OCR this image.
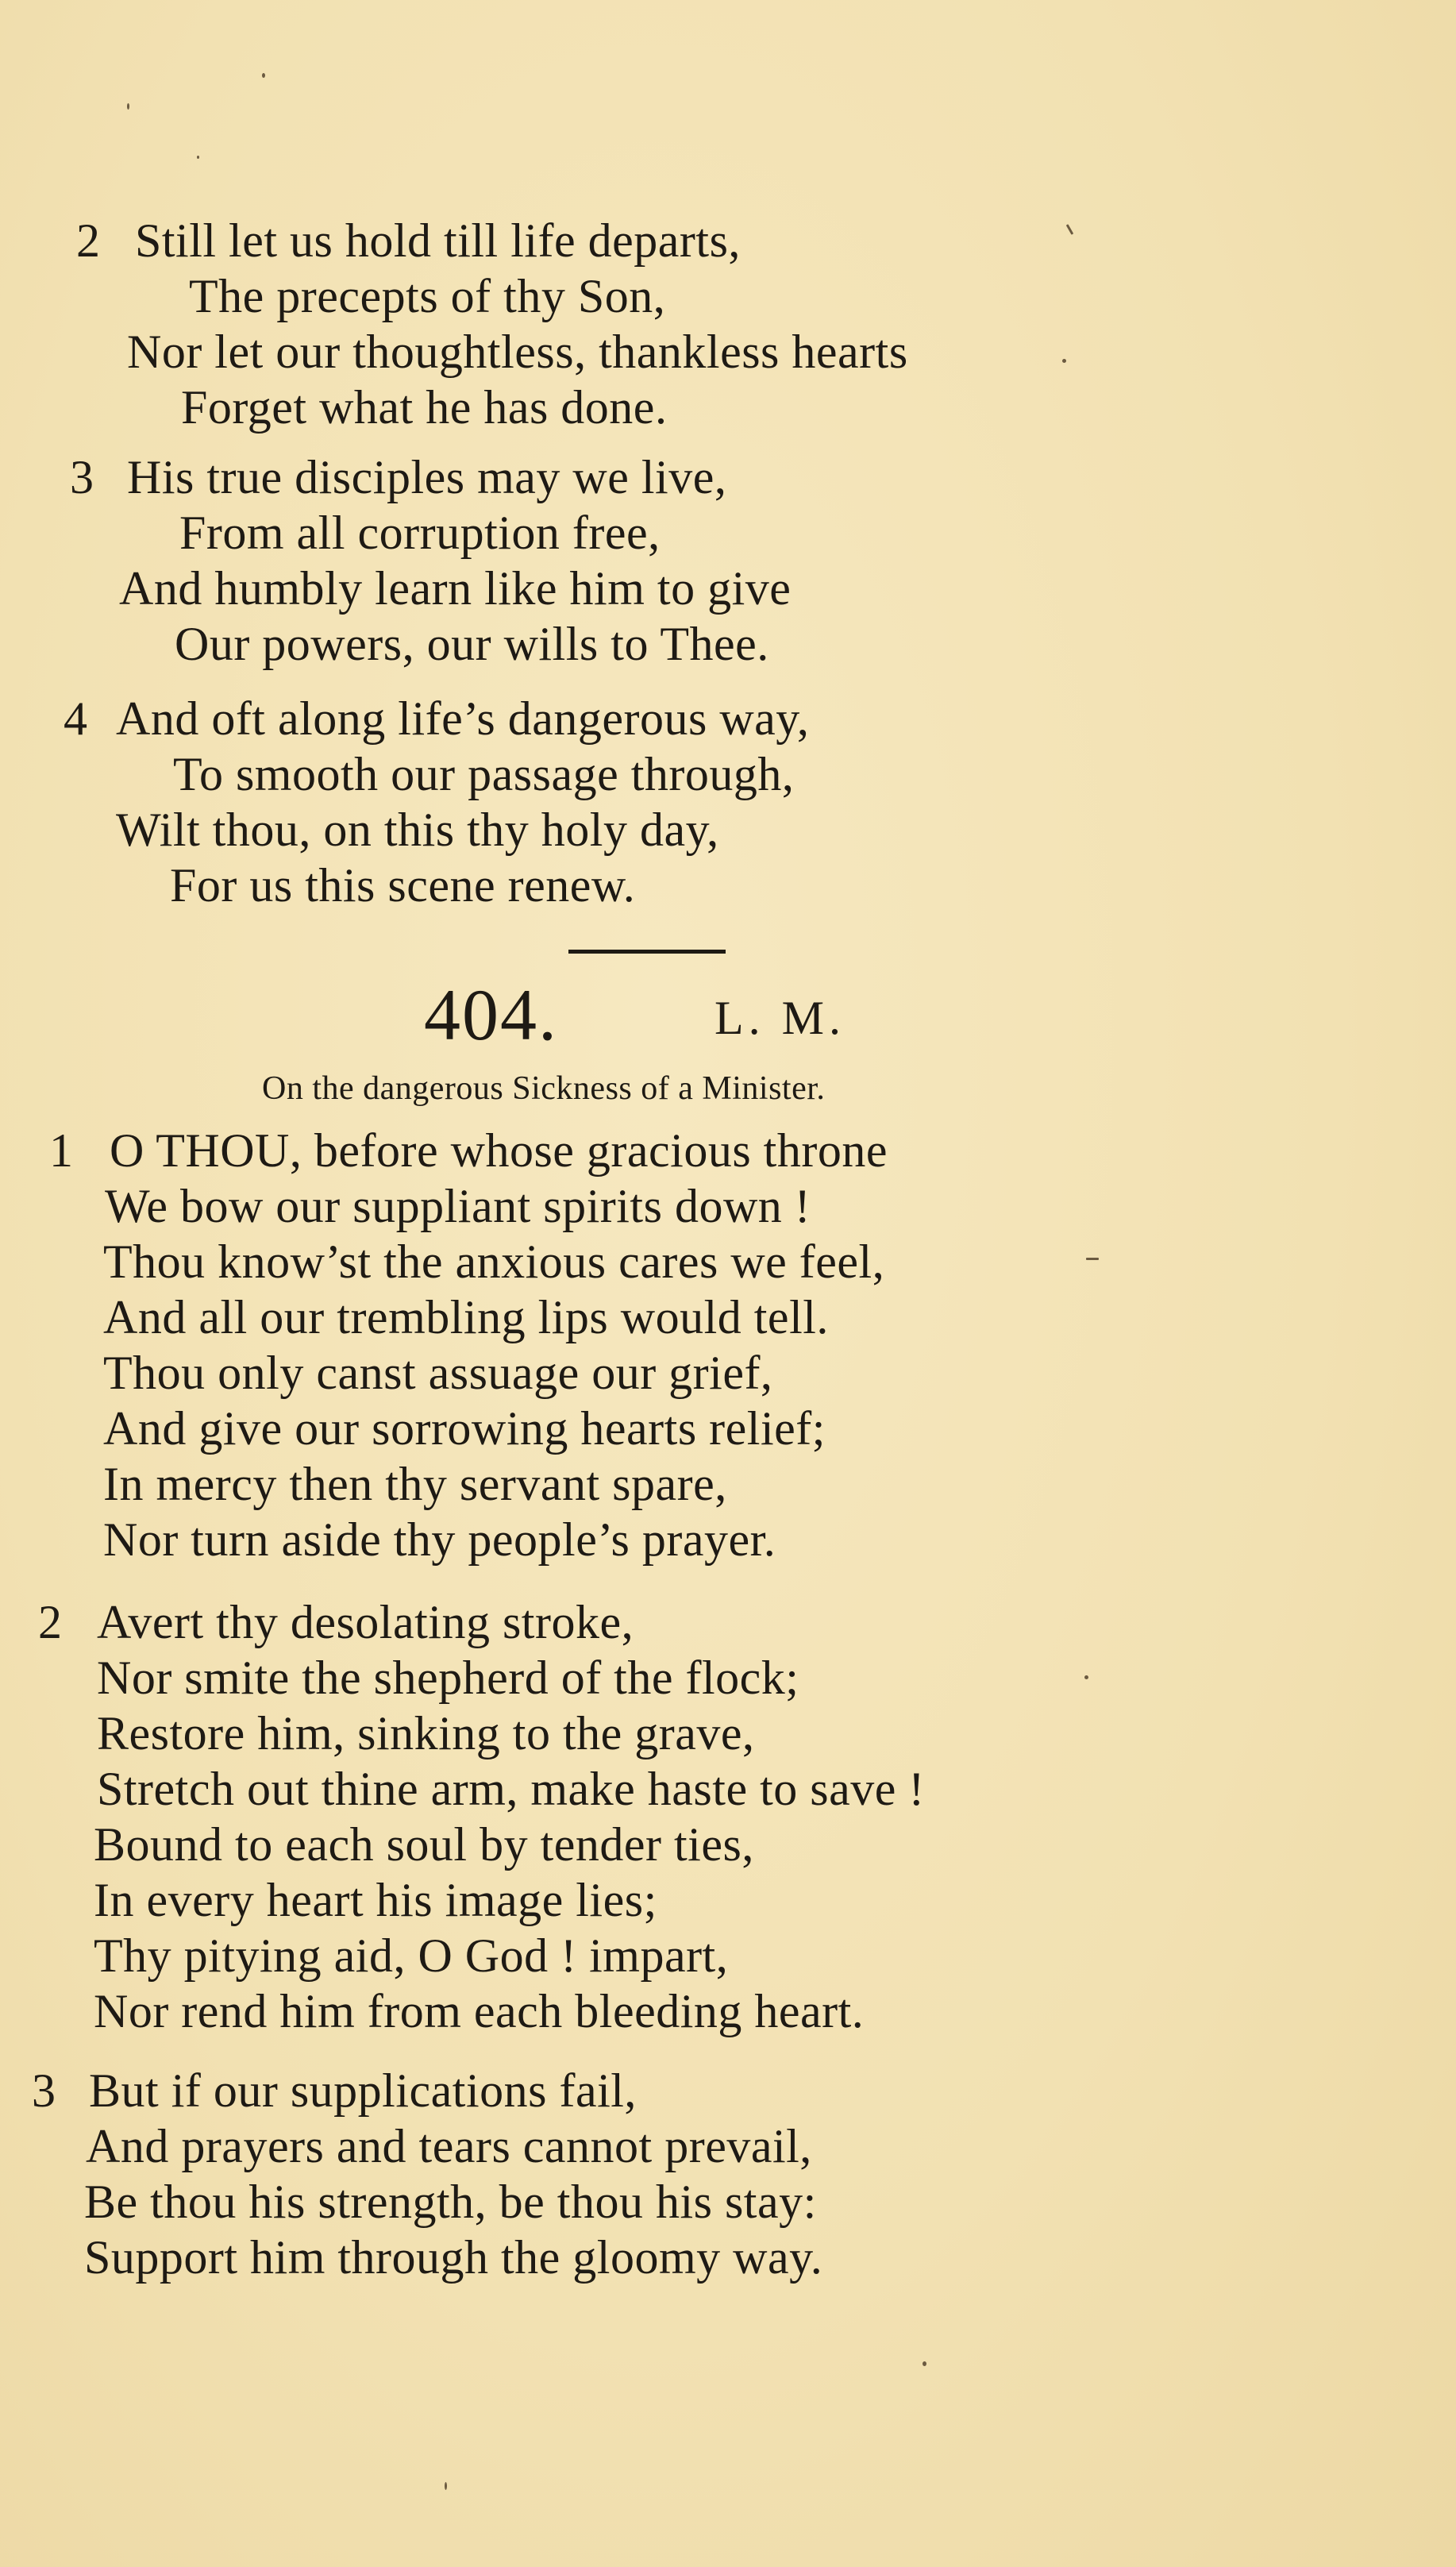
2 Still let us hold till life departs,
The precepts of thy Son,
Nor let our thoughtless, thankless hearts
Forget what he has done.
3 His true disciples may we live,
From all corruption free,
And humbly learn like him to give
Our powers, our wills to Thee.
4 And oft along life’s dangerous way,
To smooth our passage through,
Wilt thou, on this thy holy day,
For us this scene renew.
404.	L. M.
On the dangerous Sickness of a Minister.
1 O THOU, before whose gracious throne
We bow our suppliant spirits down !
Thou know’st the anxious cares we feel,
And all our trembling lips would tell.
Thou only canst assuage our grief,
And give our sorrowing hearts relief;
In mercy then thy servant spare,
Nor turn aside thy people’s prayer.
2 Avert thy desolating stroke,
Nor smite the shepherd of the flock;
Restore him, sinking to the grave,
Stretch out thine arm, make haste to save !
Bound to each soul by tender ties,
In every heart his image lies;
Thy pitying aid, O God ! impart,
Nor rend him from each bleeding heart.
3 But if our supplications fail,
And prayers and tears cannot prevail,
Be thou his strength, be thou his stay:
Support him through the gloomy way.
